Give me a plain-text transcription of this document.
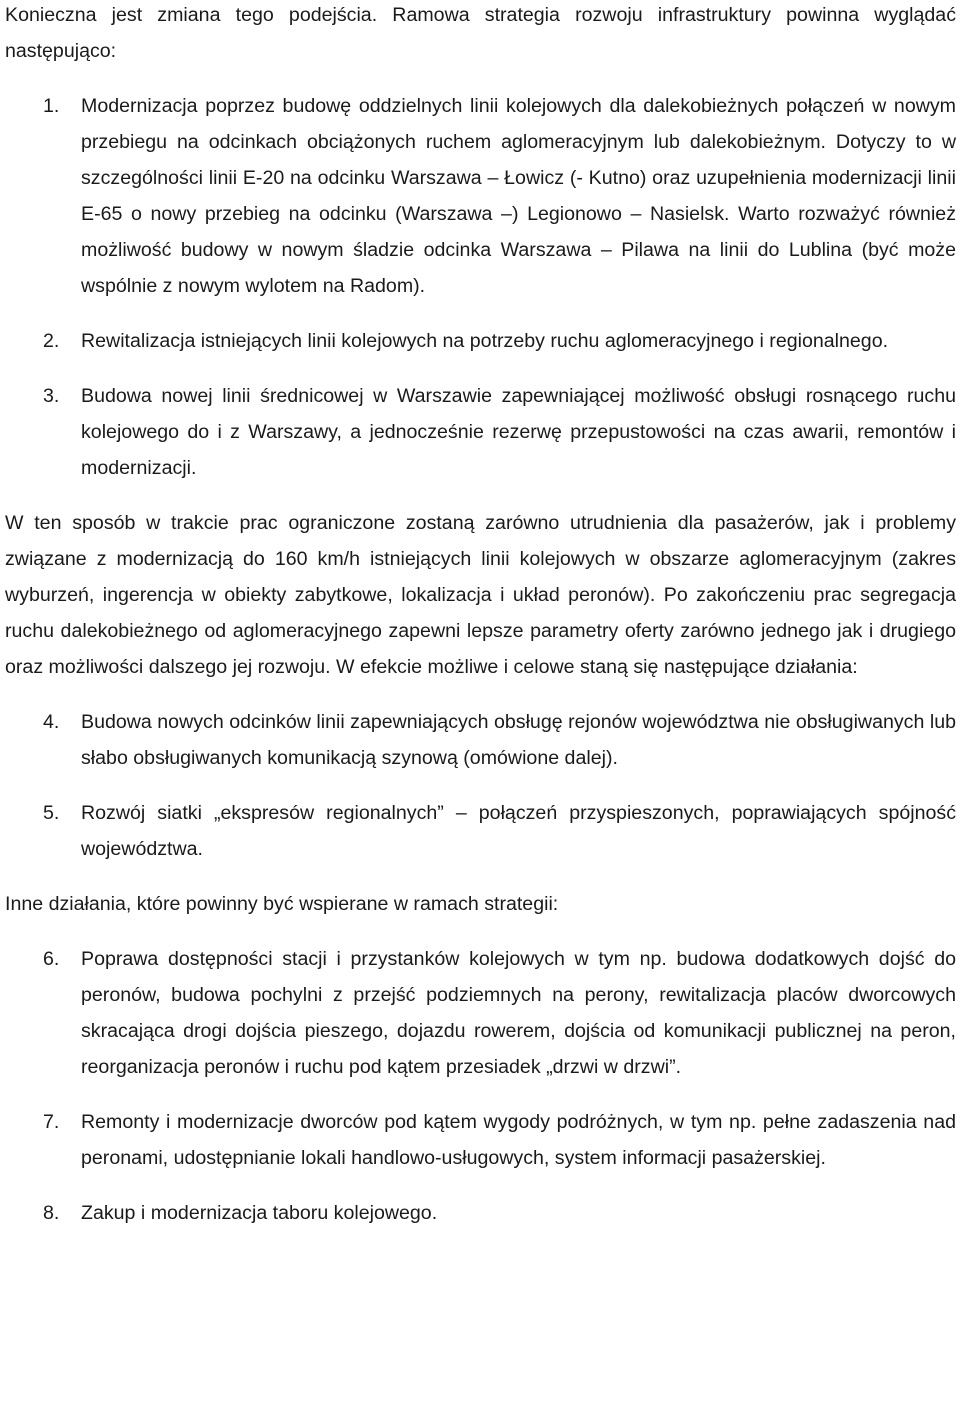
Konieczna jest zmiana tego podejścia. Ramowa strategia rozwoju infrastruktury powinna wyglądać następująco:

1.	Modernizacja poprzez budowę oddzielnych linii kolejowych dla dalekobieżnych połączeń w nowym przebiegu na odcinkach obciążonych ruchem aglomeracyjnym lub dalekobieżnym. Dotyczy to w szczególności linii E-20 na odcinku Warszawa – Łowicz (- Kutno) oraz uzupełnienia modernizacji linii E-65 o nowy przebieg na odcinku (Warszawa –) Legionowo – Nasielsk. Warto rozważyć również możliwość budowy w nowym śladzie odcinka Warszawa – Pilawa na linii do Lublina (być może wspólnie z nowym wylotem na Radom).
2.	Rewitalizacja istniejących linii kolejowych na potrzeby ruchu aglomeracyjnego i regionalnego.
3.	Budowa nowej linii średnicowej w Warszawie zapewniającej możliwość obsługi rosnącego ruchu kolejowego do i z Warszawy, a jednocześnie rezerwę przepustowości na czas awarii, remontów i modernizacji.

W ten sposób w trakcie prac ograniczone zostaną zarówno utrudnienia dla pasażerów, jak i problemy związane z modernizacją do 160 km/h istniejących linii kolejowych w obszarze aglomeracyjnym (zakres wyburzeń, ingerencja w obiekty zabytkowe, lokalizacja i układ peronów). Po zakończeniu prac segregacja ruchu dalekobieżnego od aglomeracyjnego zapewni lepsze parametry oferty zarówno jednego jak i drugiego oraz możliwości dalszego jej rozwoju. W efekcie możliwe i celowe staną się następujące działania:

4.	Budowa nowych odcinków linii zapewniających obsługę rejonów województwa nie obsługiwanych lub słabo obsługiwanych komunikacją szynową (omówione dalej).
5.	Rozwój siatki „ekspresów regionalnych” – połączeń przyspieszonych, poprawiających spójność województwa.

Inne działania, które powinny być wspierane w ramach strategii:

6.	Poprawa dostępności stacji i przystanków kolejowych w tym np. budowa dodatkowych dojść do peronów, budowa pochylni z przejść podziemnych na perony, rewitalizacja placów dworcowych skracająca drogi dojścia pieszego, dojazdu rowerem, dojścia od komunikacji publicznej na peron, reorganizacja peronów i ruchu pod kątem przesiadek „drzwi w drzwi”.
7.	Remonty i modernizacje dworców pod kątem wygody podróżnych, w tym np. pełne zadaszenia nad peronami, udostępnianie lokali handlowo-usługowych, system informacji pasażerskiej.
8.	Zakup i modernizacja taboru kolejowego.
